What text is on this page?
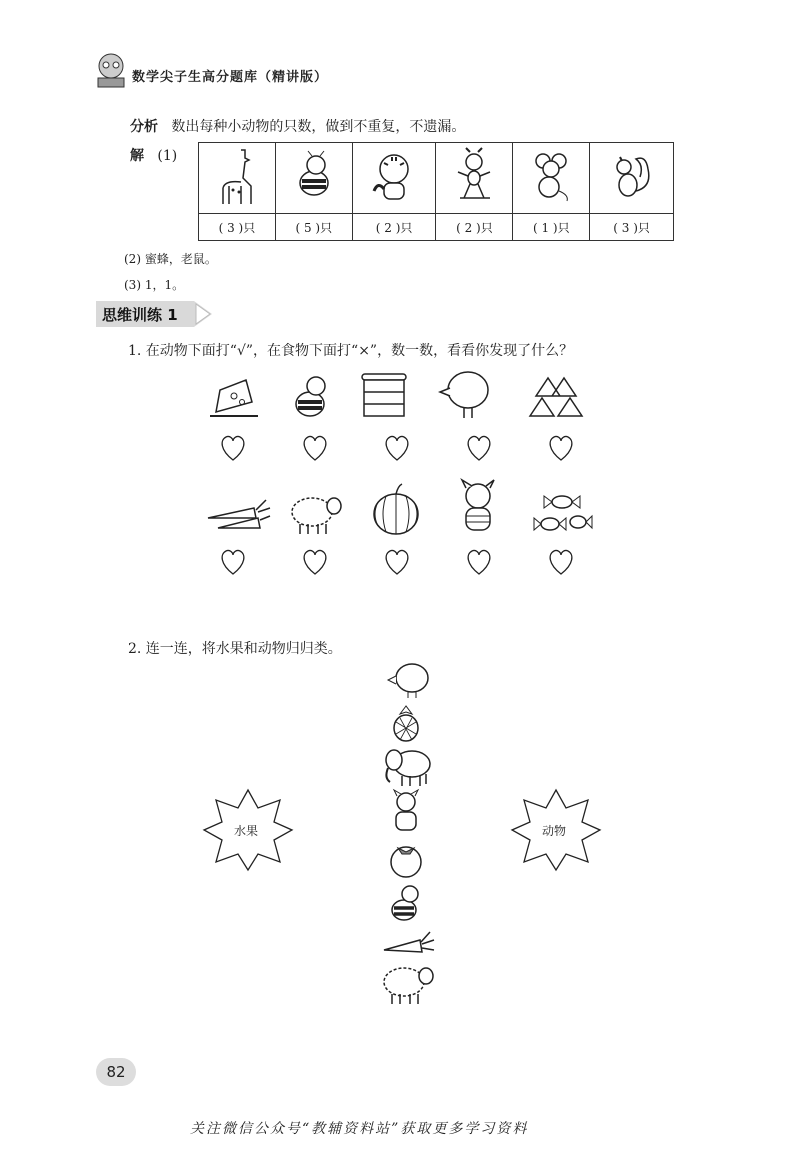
数学尖子生高分题库（精讲版）
分析 数出每种小动物的只数，做到不重复，不遗漏。
解 (1)

( 3 )只	( 5 )只	( 2 )只	( 2 )只	( 1 )只	( 3 )只
(2) 蜜蜂，老鼠。
(3) 1，1。
思维训练 1
1. 在动物下面打“√”，在食物下面打“×”，数一数，看看你发现了什么？
2. 连一连，将水果和动物归归类。
水果	动物
82
关注微信公众号“教辅资料站”获取更多学习资料
